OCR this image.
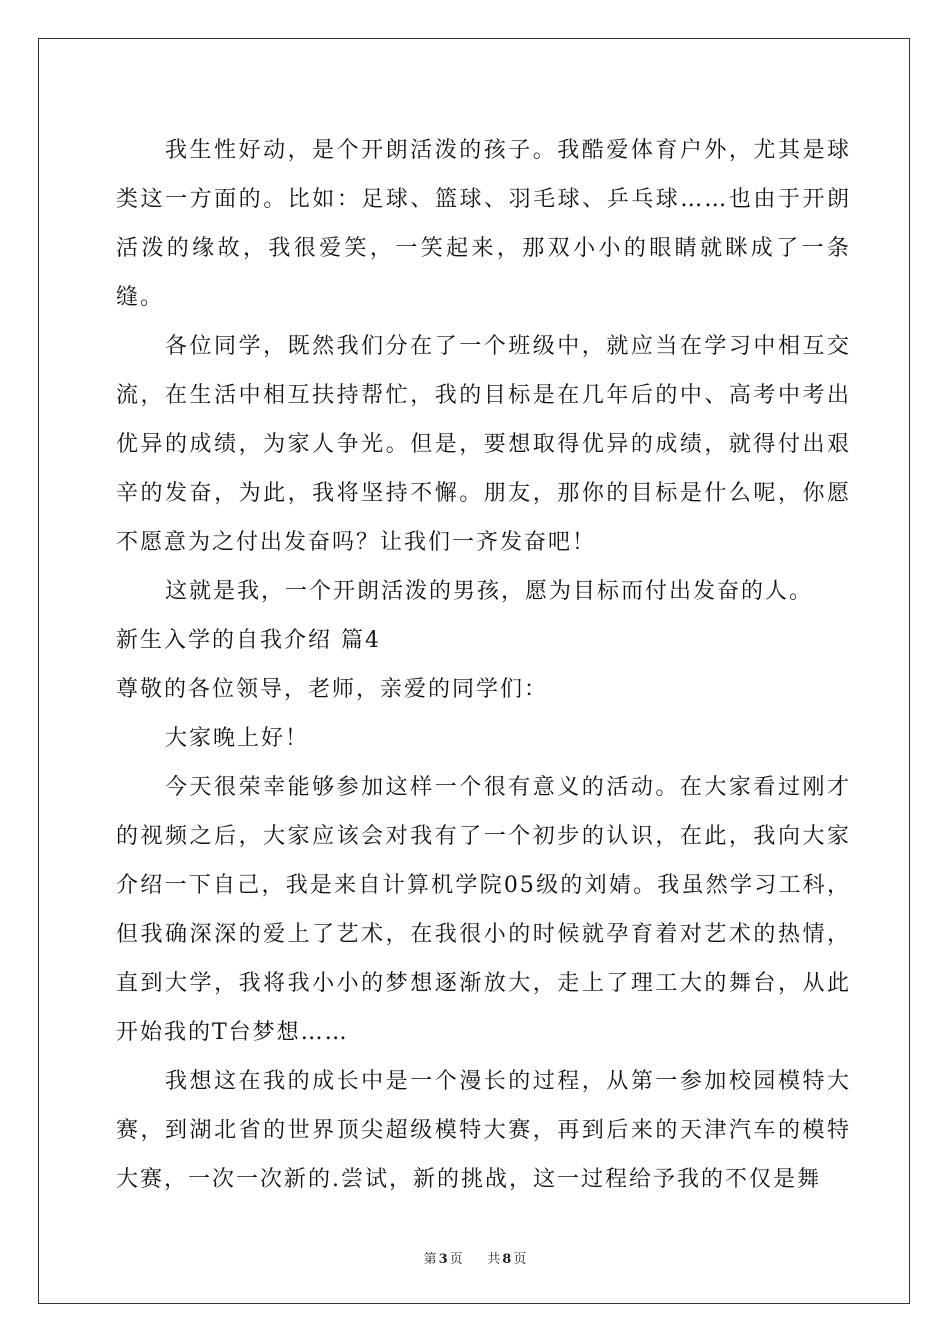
我生性好动，是个开朗活泼的孩子。我酷爱体育户外，尤其是球类这一方面的。比如：足球、篮球、羽毛球、乒乓球……也由于开朗活泼的缘故，我很爱笑，一笑起来，那双小小的眼睛就眯成了一条缝。

各位同学，既然我们分在了一个班级中，就应当在学习中相互交流，在生活中相互扶持帮忙，我的目标是在几年后的中、高考中考出优异的成绩，为家人争光。但是，要想取得优异的成绩，就得付出艰辛的发奋，为此，我将坚持不懈。朋友，那你的目标是什么呢，你愿不愿意为之付出发奋吗？让我们一齐发奋吧！

这就是我，一个开朗活泼的男孩，愿为目标而付出发奋的人。

新生入学的自我介绍 篇4

尊敬的各位领导，老师，亲爱的同学们：

大家晚上好！

今天很荣幸能够参加这样一个很有意义的活动。在大家看过刚才的视频之后，大家应该会对我有了一个初步的认识，在此，我向大家介绍一下自己，我是来自计算机学院05级的刘婧。我虽然学习工科，但我确深深的爱上了艺术，在我很小的时候就孕育着对艺术的热情，直到大学，我将我小小的梦想逐渐放大，走上了理工大的舞台，从此开始我的T台梦想……

我想这在我的成长中是一个漫长的过程，从第一参加校园模特大赛，到湖北省的世界顶尖超级模特大赛，再到后来的天津汽车的模特大赛，一次一次新的.尝试，新的挑战，这一过程给予我的不仅是舞

第 3 页 共 8 页
